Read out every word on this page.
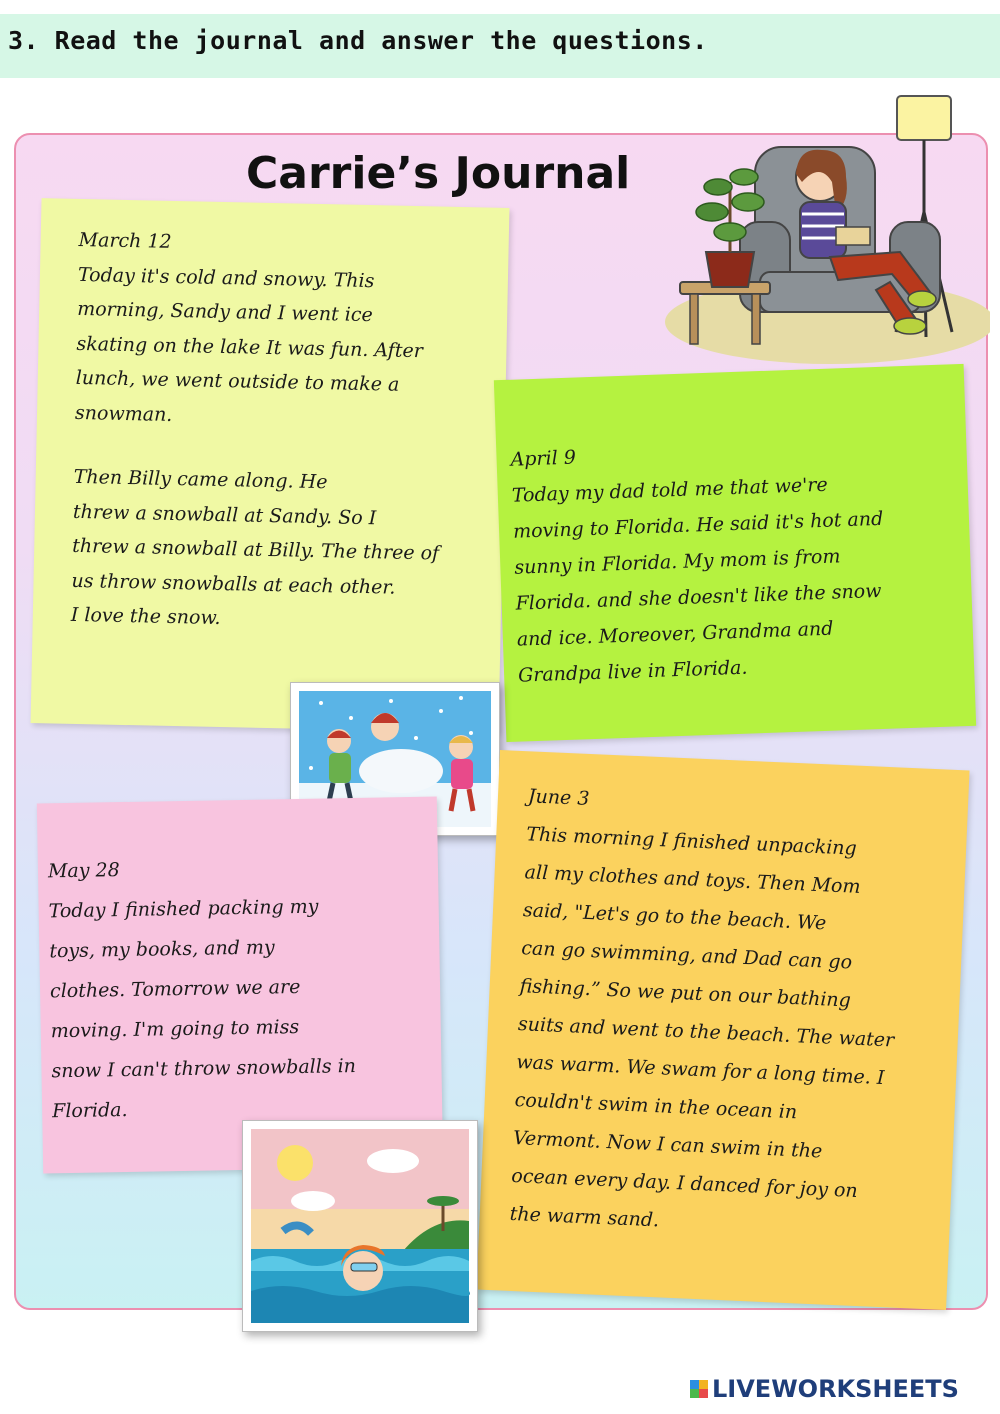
3. Read the journal and answer the questions.
Carrie’s Journal
March 12
Today it's cold and snowy. This
morning, Sandy and I went ice
skating on the lake It was fun. After
lunch, we went outside to make a
snowman.
Then Billy came along. He
threw a snowball at Sandy. So I
threw a snowball at Billy. The three of
us throw snowballs at each other.
I love the snow.
April 9
Today my dad told me that we're
moving to Florida. He said it's hot and
sunny in Florida. My mom is from
Florida. and she doesn't like the snow
and ice. Moreover, Grandma and
Grandpa live in Florida.
May 28
Today I finished packing my
toys, my books, and my
clothes. Tomorrow we are
moving. I'm going to miss
snow I can't throw snowballs in
Florida.
June 3
This morning I finished unpacking
all my clothes and toys. Then Mom
said, "Let's go to the beach. We
can go swimming, and Dad can go
fishing.” So we put on our bathing
suits and went to the beach. The water
was warm. We swam for a long time. I
couldn't swim in the ocean in
Vermont. Now I can swim in the
ocean every day. I danced for joy on
the warm sand.
LIVEWORKSHEETS
